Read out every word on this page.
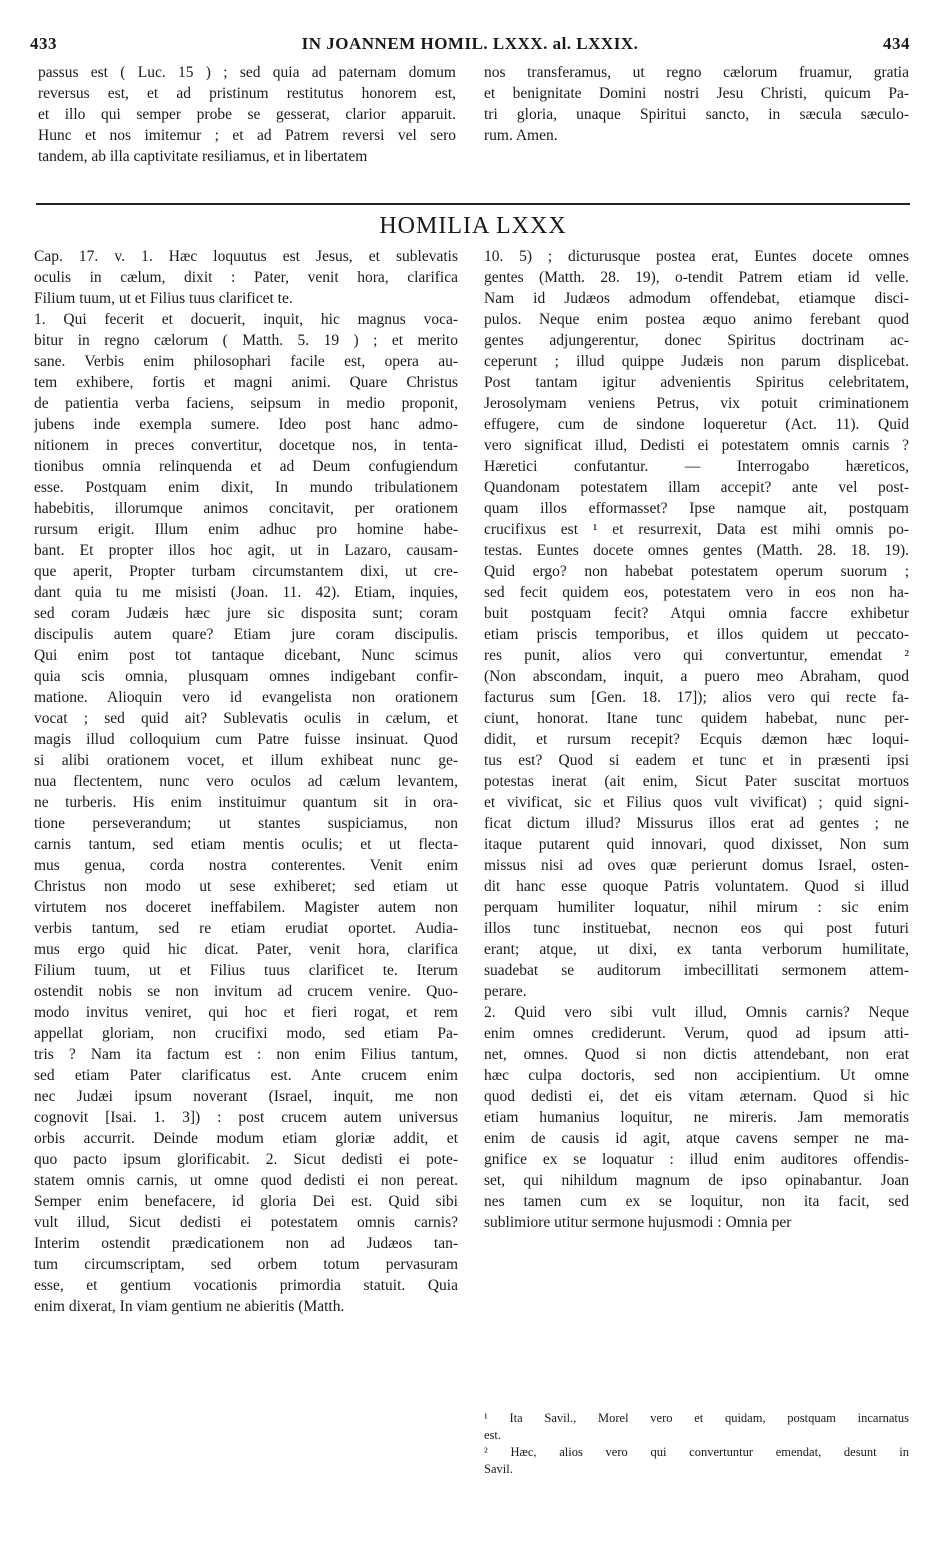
433	IN JOANNEM HOMIL. LXXX. al. LXXIX.	434
passus est ( Luc. 15 ) ; sed quia ad paternam domum
reversus est, et ad pristinum restitutus honorem est,
et illo qui semper probe se gesserat, clarior apparuit.
Hunc et nos imitemur ; et ad Patrem reversi vel sero
tandem, ab illa captivitate resiliamus, et in libertatem
nos transferamus, ut regno cælorum fruamur, gratia
et benignitate Domini nostri Jesu Christi, quicum Pa-
tri gloria, unaque Spiritui sancto, in sæcula sæculo-
rum. Amen.
HOMILIA LXXX
Cap. 17. v. 1. Hæc loquutus est Jesus, et sublevatis
oculis in cælum, dixit : Pater, venit hora, clarifica
Filium tuum, ut et Filius tuus clarificet te.
1. Qui fecerit et docuerit, inquit, hic magnus voca-
bitur in regno cælorum ( Matth. 5. 19 ) ; et merito
sane. Verbis enim philosophari facile est, opera au-
tem exhibere, fortis et magni animi. Quare Christus
de patientia verba faciens, seipsum in medio proponit,
jubens inde exempla sumere. Ideo post hanc admo-
nitionem in preces convertitur, docetque nos, in tenta-
tionibus omnia relinquenda et ad Deum confugiendum
esse. Postquam enim dixit, In mundo tribulationem
habebitis, illorumque animos concitavit, per orationem
rursum erigit. Illum enim adhuc pro homine habe-
bant. Et propter illos hoc agit, ut in Lazaro, causam-
que aperit, Propter turbam circumstantem dixi, ut cre-
dant quia tu me misisti (Joan. 11. 42). Etiam, inquies,
sed coram Judæis hæc jure sic disposita sunt; coram
discipulis autem quare? Etiam jure coram discipulis.
Qui enim post tot tantaque dicebant, Nunc scimus
quia scis omnia, plusquam omnes indigebant confir-
matione. Alioquin vero id evangelista non orationem
vocat ; sed quid ait? Sublevatis oculis in cælum, et
magis illud colloquium cum Patre fuisse insinuat. Quod
si alibi orationem vocet, et illum exhibeat nunc ge-
nua flectentem, nunc vero oculos ad cælum levantem,
ne turberis. His enim instituimur quantum sit in ora-
tione perseverandum; ut stantes suspiciamus, non
carnis tantum, sed etiam mentis oculis; et ut flecta-
mus genua, corda nostra conterentes. Venit enim
Christus non modo ut sese exhiberet; sed etiam ut
virtutem nos doceret ineffabilem. Magister autem non
verbis tantum, sed re etiam erudiat oportet. Audia-
mus ergo quid hic dicat. Pater, venit hora, clarifica
Filium tuum, ut et Filius tuus clarificet te. Iterum
ostendit nobis se non invitum ad crucem venire. Quo-
modo invitus veniret, qui hoc et fieri rogat, et rem
appellat gloriam, non crucifixi modo, sed etiam Pa-
tris ? Nam ita factum est : non enim Filius tantum,
sed etiam Pater clarificatus est. Ante crucem enim
nec Judæi ipsum noverant (Israel, inquit, me non
cognovit [Isai. 1. 3]) : post crucem autem universus
orbis accurrit. Deinde modum etiam gloriæ addit, et
quo pacto ipsum glorificabit. 2. Sicut dedisti ei pote-
statem omnis carnis, ut omne quod dedisti ei non pereat.
Semper enim benefacere, id gloria Dei est. Quid sibi
vult illud, Sicut dedisti ei potestatem omnis carnis?
Interim ostendit prædicationem non ad Judæos tan-
tum circumscriptam, sed orbem totum pervasuram
esse, et gentium vocationis primordia statuit. Quia
enim dixerat, In viam gentium ne abieritis (Matth.
10. 5) ; dicturusque postea erat, Euntes docete omnes
gentes (Matth. 28. 19), o-tendit Patrem etiam id velle.
Nam id Judæos admodum offendebat, etiamque disci-
pulos. Neque enim postea æquo animo ferebant quod
gentes adjungerentur, donec Spiritus doctrinam ac-
ceperunt ; illud quippe Judæis non parum displicebat.
Post tantam igitur advenientis Spiritus celebritatem,
Jerosolymam veniens Petrus, vix potuit criminationem
effugere, cum de sindone loqueretur (Act. 11). Quid
vero significat illud, Dedisti ei potestatem omnis carnis ?
Hæretici confutantur. — Interrogabo hæreticos,
Quandonam potestatem illam accepit? ante vel post-
quam illos efformasset? Ipse namque ait, postquam
crucifixus est ¹ et resurrexit, Data est mihi omnis po-
testas. Euntes docete omnes gentes (Matth. 28. 18. 19).
Quid ergo? non habebat potestatem operum suorum ;
sed fecit quidem eos, potestatem vero in eos non ha-
buit postquam fecit? Atqui omnia faccre exhibetur
etiam priscis temporibus, et illos quidem ut peccato-
res punit, alios vero qui convertuntur, emendat ²
(Non abscondam, inquit, a puero meo Abraham, quod
facturus sum [Gen. 18. 17]); alios vero qui recte fa-
ciunt, honorat. Itane tunc quidem habebat, nunc per-
didit, et rursum recepit? Ecquis dæmon hæc loqui-
tus est? Quod si eadem et tunc et in præsenti ipsi
potestas inerat (ait enim, Sicut Pater suscitat mortuos
et vivificat, sic et Filius quos vult vivificat) ; quid signi-
ficat dictum illud? Missurus illos erat ad gentes ; ne
itaque putarent quid innovari, quod dixisset, Non sum
missus nisi ad oves quæ perierunt domus Israel, osten-
dit hanc esse quoque Patris voluntatem. Quod si illud
perquam humiliter loquatur, nihil mirum : sic enim
illos tunc instituebat, necnon eos qui post futuri
erant; atque, ut dixi, ex tanta verborum humilitate,
suadebat se auditorum imbecillitati sermonem attem-
perare.
2. Quid vero sibi vult illud, Omnis carnis? Neque
enim omnes crediderunt. Verum, quod ad ipsum atti-
net, omnes. Quod si non dictis attendebant, non erat
hæc culpa doctoris, sed non accipientium. Ut omne
quod dedisti ei, det eis vitam æternam. Quod si hic
etiam humanius loquitur, ne mireris. Jam memoratis
enim de causis id agit, atque cavens semper ne ma-
gnifice ex se loquatur : illud enim auditores offendis-
set, qui nihildum magnum de ipso opinabantur. Joan
nes tamen cum ex se loquitur, non ita facit, sed
sublimiore utitur sermone hujusmodi : Omnia per
¹ Ita Savil., Morel vero et quidam, postquam incarnatus
est.
² Hæc, alios vero qui convertuntur emendat, desunt in
Savil.
